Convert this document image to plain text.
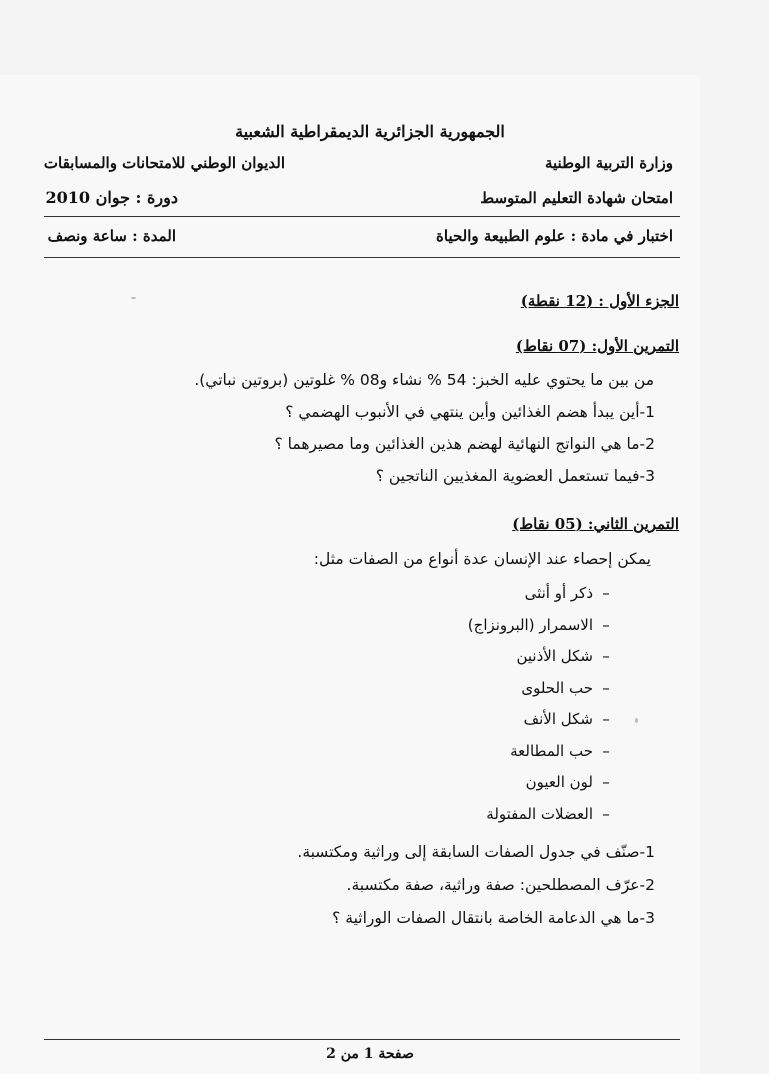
الجمهورية الجزائرية الديمقراطية الشعبية
وزارة التربية الوطنية
الديوان الوطني للامتحانات والمسابقات
امتحان شهادة التعليم المتوسط
دورة : جوان 2010
اختبار في مادة : علوم الطبيعة والحياة
المدة : ساعة ونصف
الجزء الأول : (12 نقطة)
التمرين الأول: (07 نقاط)
من بين ما يحتوي عليه الخبز: 54 % نشاء و08 % غلوتين (بروتين نباتي).
1-أين يبدأ هضم الغذائين وأين ينتهي في الأنبوب الهضمي ؟
2-ما هي النواتج النهائية لهضم هذين الغذائين وما مصيرهما ؟
3-فيما تستعمل العضوية المغذيين الناتجين ؟
التمرين الثاني: (05 نقاط)
يمكن إحصاء عند الإنسان عدة أنواع من الصفات مثل:
–ذكر أو أنثى
–الاسمرار (البرونزاج)
–شكل الأذنين
–حب الحلوى
–شكل الأنف
–حب المطالعة
–لون العيون
–العضلات المفتولة
1-صنّف في جدول الصفات السابقة إلى وراثية ومكتسبة.
2-عرّف المصطلحين: صفة وراثية، صفة مكتسبة.
3-ما هي الدعامة الخاصة بانتقال الصفات الوراثية ؟
صفحة 1 من 2
